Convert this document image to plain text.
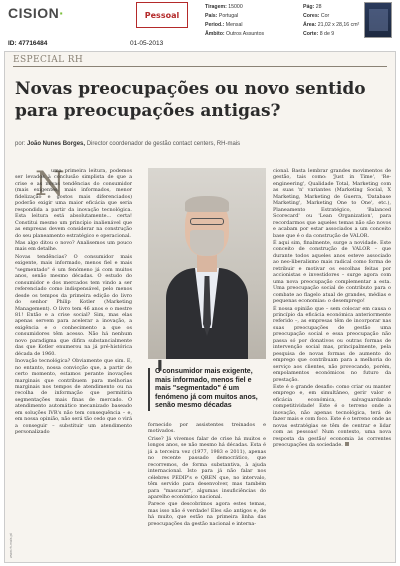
CISION·	Pessoal
Tiragem: 15000
País: Portugal
Period.: Mensal
Âmbito: Outros Assuntos
Pág: 28
Cores: Cor
Área: 21,02 x 28,16 cm²
Corte: 8 de 9
ID: 47716484	01-05-2013
ESPECIAL RH
Novas preocupações ou novo sentido para preocupações antigas?
por: João Nunes Borges, Director coordenador de gestão contact centers, RH-mais
N

uma primeira leitura, podemos ser levados à conclusão simplista de que a crise e as novas tendências do consumidor (mais exigentes, mais informados, menor fidelização e gostos mais diferenciados) poderão exigir uma maior eficácia que seria respondida a partir da inovação tecnológica. Esta leitura está absolutamente… certa! Constitui mesmo um princípio inalienável que as empresas devem considerar na construção do seu planeamento estratégico e operacional.

Mas algo ditou o novo? Analisemos um pouco mais em detalhe.

Novas tendências? O consumidor mais exigente, mais informado, menos fiel e mais "segmentado" é um fenómeno já com muitos anos, senão mesmo décadas. O estudo do consumidor e dos mercados tem vindo a ser referenciado como indispensável, pelo menos desde os tempos da primeira edição do livro do senhor Philip Kotler (Marketing Management). O livro tem 46 anos e o mestre 81! Então e a crise social? Sim, mas elas apenas servem para acelerar a inovação, a exigência e o conhecimento a que os consumidores têm acesso. Não há nenhum novo paradigma que difira substancialmente das que Kotler enumerou na já pré-histórica década de 1960.

Inovação tecnológica? Obviamente que sim. E, no entanto, nossa convicção que, a partir de certo momento, estamos perante inovações marginais que contribuem para melhorias marginais nos tempos de atendimento ou na recolha de informação que permitiria segmentações mais finas de mercado. O atendimento automático mecanizado baseado em soluções IVR's não tem consequência – e, em nossa opinião, não será tão cedo que o virá a conseguir – substituir um atendimento personalizado

▐
O consumidor mais exigente, mais informado, menos fiel e mais "segmentado" é um fenómeno já com muitos anos, senão mesmo décadas

fornecido por assistentes treinados e motivados.

Crise? Já vivemos falar de crise há muitos e longos anos, se não mesmo há décadas. Esta é já a terceira vez (1977, 1983 e 2011), apenas no recente passado democrático, que recorremos, de forma substantiva, à ajuda internacional. Isto para já não falar nos célebres PEDIP's e QREN que, no intervalo, têm servido para desenvolver, mas também para "mascarar", algumas insuficiências do aparelho económico nacional.

Parece que descobrimos agora estes temas, mas isso não é verdade! Eles são antigos e, de há muito, que estão na primeira linha das preocupações da gestão nacional e interna-

cional. Basta lembrar grandes movimentos de gestão, tais como: 'Just in Time', 'Re-engineering', Qualidade Total, Marketing com as suas 'n' variantes (Marketing Social, X Marketing, Marketing de Guerra, 'Database Marketing', Marketing One to One', etc.), Planeamento Estratégico, 'Balanced Scorecard' ou 'Lean Organization', para recordarmos que aqueles temas não são novos e acabam por estar associados a um conceito base que é o da construção de VALOR.

É aqui sim, finalmente, surge a novidade. Este conceito de construção de VALOR – que durante todos aqueles anos esteve associado ao neo-liberalismo mais radical como forma de retribuir e motivar os escolhas feitas por accionistas e investidores – surge agora com uma nova preocupação complementar a esta. Uma preocupação social de contributo para o combate ao flagelo atual de grandes, médias e pequenas economias: o desemprego!

É nossa opinião que – sem colocar em causa o princípio da eficácia económica anteriormente referido –, as empresas têm de incorporar nas suas preocupações de gestão uma preocupação social e essa preocupação não passa só por donativos ou outras formas de intervenção social mas, principalmente, pela pesquisa de novas formas de aumento do emprego que contribuam para a melhoria do serviço aos clientes, não provocando, porém, empolamentos económicos no futuro da prestação.

Este é o grande desafio: como criar ou manter emprego e, em simultâneo, gerir valor e eficácia económica, salvaguardando competitividade! Este é o terreno onde a inovação, não apenas tecnológica, terá de fazer mais e com foco. Este é o terreno onde as novas estratégias se têm de centrar e lidar com as pessoas! Num contexto, uma nova resposta da gestão/ economia às correntes preocupações da sociedade.

www.rh-mais.pt
